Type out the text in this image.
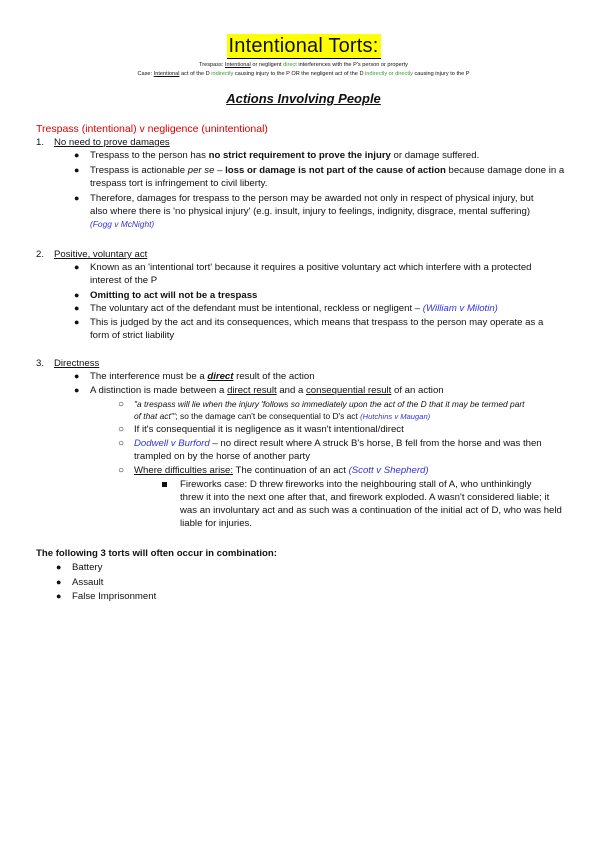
Intentional Torts:
Trespass: Intentional or negligent direct interferences with the P's person or property
Case: Intentional act of the D indirectly causing injury to the P OR the negligent act of the D indirectly or directly causing injury to the P
Actions Involving People
Trespass (intentional) v negligence (unintentional)
1. No need to prove damages
● Trespass to the person has no strict requirement to prove the injury or damage suffered.
● Trespass is actionable per se – loss or damage is not part of the cause of action because damage done in a
trespass tort is infringement to civil liberty.
● Therefore, damages for trespass to the person may be awarded not only in respect of physical injury, but
also where there is 'no physical injury' (e.g. insult, injury to feelings, indignity, disgrace, mental suffering)
(Fogg v McNight)
2. Positive, voluntary act
● Known as an 'intentional tort' because it requires a positive voluntary act which interfere with a protected
interest of the P
● Omitting to act will not be a trespass
● The voluntary act of the defendant must be intentional, reckless or negligent – (William v Milotin)
● This is judged by the act and its consequences, which means that trespass to the person may operate as a
form of strict liability
3. Directness
● The interference must be a direct result of the action
● A distinction is made between a direct result and a consequential result of an action
○ "a trespass will lie when the injury 'follows so immediately upon the act of the D that it may be termed part
of that act'"; so the damage can't be consequential to D's act (Hutchins v Maugan)
○ If it's consequential it is negligence as it wasn't intentional/direct
○ Dodwell v Burford – no direct result where A struck B's horse, B fell from the horse and was then
trampled on by the horse of another party
○ Where difficulties arise: The continuation of an act (Scott v Shepherd)
Fireworks case: D threw fireworks into the neighbouring stall of A, who unthinkingly
threw it into the next one after that, and firework exploded. A wasn't considered liable; it
was an involuntary act and as such was a continuation of the initial act of D, who was held
liable for injuries.
The following 3 torts will often occur in combination:
● Battery
● Assault
● False Imprisonment
